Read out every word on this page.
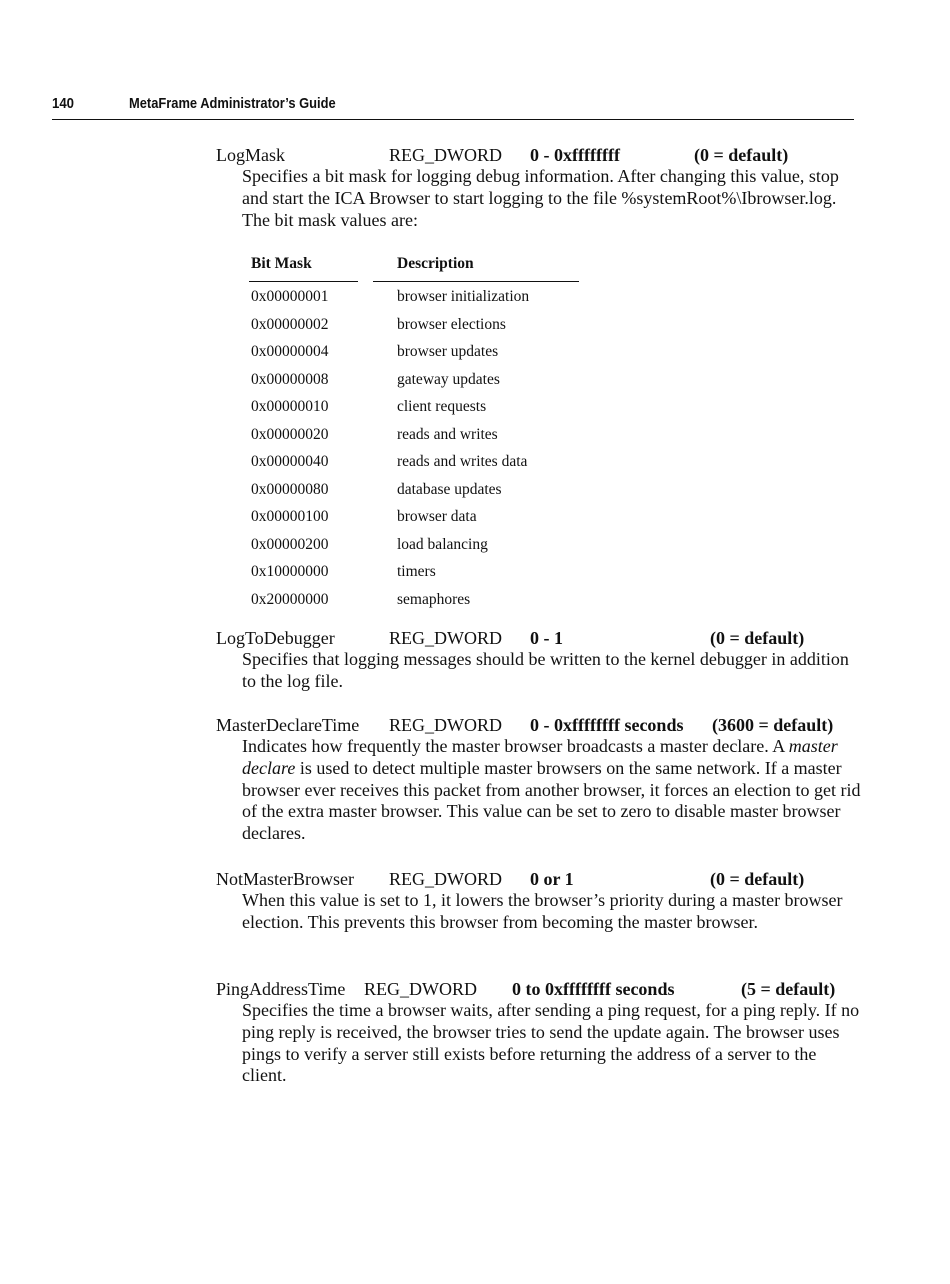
140	MetaFrame Administrator’s Guide
LogMask	REG_DWORD 0 - 0xffffffff	(0 = default)

Specifies a bit mask for logging debug information. After changing this value, stop and start the ICA Browser to start logging to the file %systemRoot%\Ibrowser.log. The bit mask values are:

Bit Mask	Description
0x00000001	browser initialization
0x00000002	browser elections
0x00000004	browser updates
0x00000008	gateway updates
0x00000010	client requests
0x00000020	reads and writes
0x00000040	reads and writes data
0x00000080	database updates
0x00000100	browser data
0x00000200	load balancing
0x10000000	timers
0x20000000	semaphores
LogToDebugger	REG_DWORD 0 - 1	(0 = default)

Specifies that logging messages should be written to the kernel debugger in addition to the log file.

MasterDeclareTime REG_DWORD 0 - 0xffffffff seconds (3600 = default)

Indicates how frequently the master browser broadcasts a master declare. A master declare is used to detect multiple master browsers on the same network. If a master browser ever receives this packet from another browser, it forces an election to get rid of the extra master browser. This value can be set to zero to disable master browser declares.

NotMasterBrowser REG_DWORD 0 or 1	(0 = default)

When this value is set to 1, it lowers the browser’s priority during a master browser election. This prevents this browser from becoming the master browser.

PingAddressTime REG_DWORD 0 to 0xffffffff seconds	(5 = default)

Specifies the time a browser waits, after sending a ping request, for a ping reply. If no ping reply is received, the browser tries to send the update again. The browser uses pings to verify a server still exists before returning the address of a server to the client.
